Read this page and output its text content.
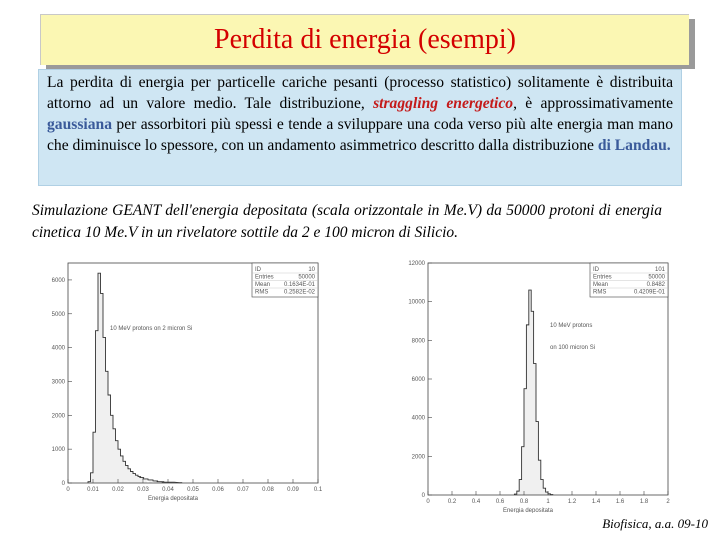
Perdita di energia (esempi)
La perdita di energia per particelle cariche pesanti (processo statistico) solitamente è distribuita attorno ad un valore medio. Tale distribuzione, straggling energetico, è approssimativamente gaussiana per assorbitori più spessi e tende a sviluppare una coda verso più alte energia man mano che diminuisce lo spessore, con un andamento asimmetrico descritto dalla distribuzione di Landau.
Simulazione GEANT dell'energia depositata (scala orizzontale in Me.V) da 50000 protoni di energia cinetica 10 Me.V in un rivelatore sottile da 2 e 100 micron di Silicio.
0
1000
2000
3000
4000
5000
6000
0	0.01 0.02 0.03 0.04 0.05 0.06 0.07 0.08 0.09 0.1
Energia depositata
ID	10
Entries	50000
Mean 0.1634E-01
RMS	0.2582E-02
10 MeV protons on 2 micron Si
0
2000
4000
6000
8000
10000
12000
0	0.2	0.4	0.6	0.8	1	1.2	1.4	1.6	1.8	2
Energia depositata
ID	101
Entries	50000
Mean	0.8482
RMS	0.4209E-01
10 MeV protons
on 100 micron Si
Biofisica, a.a. 09-10
